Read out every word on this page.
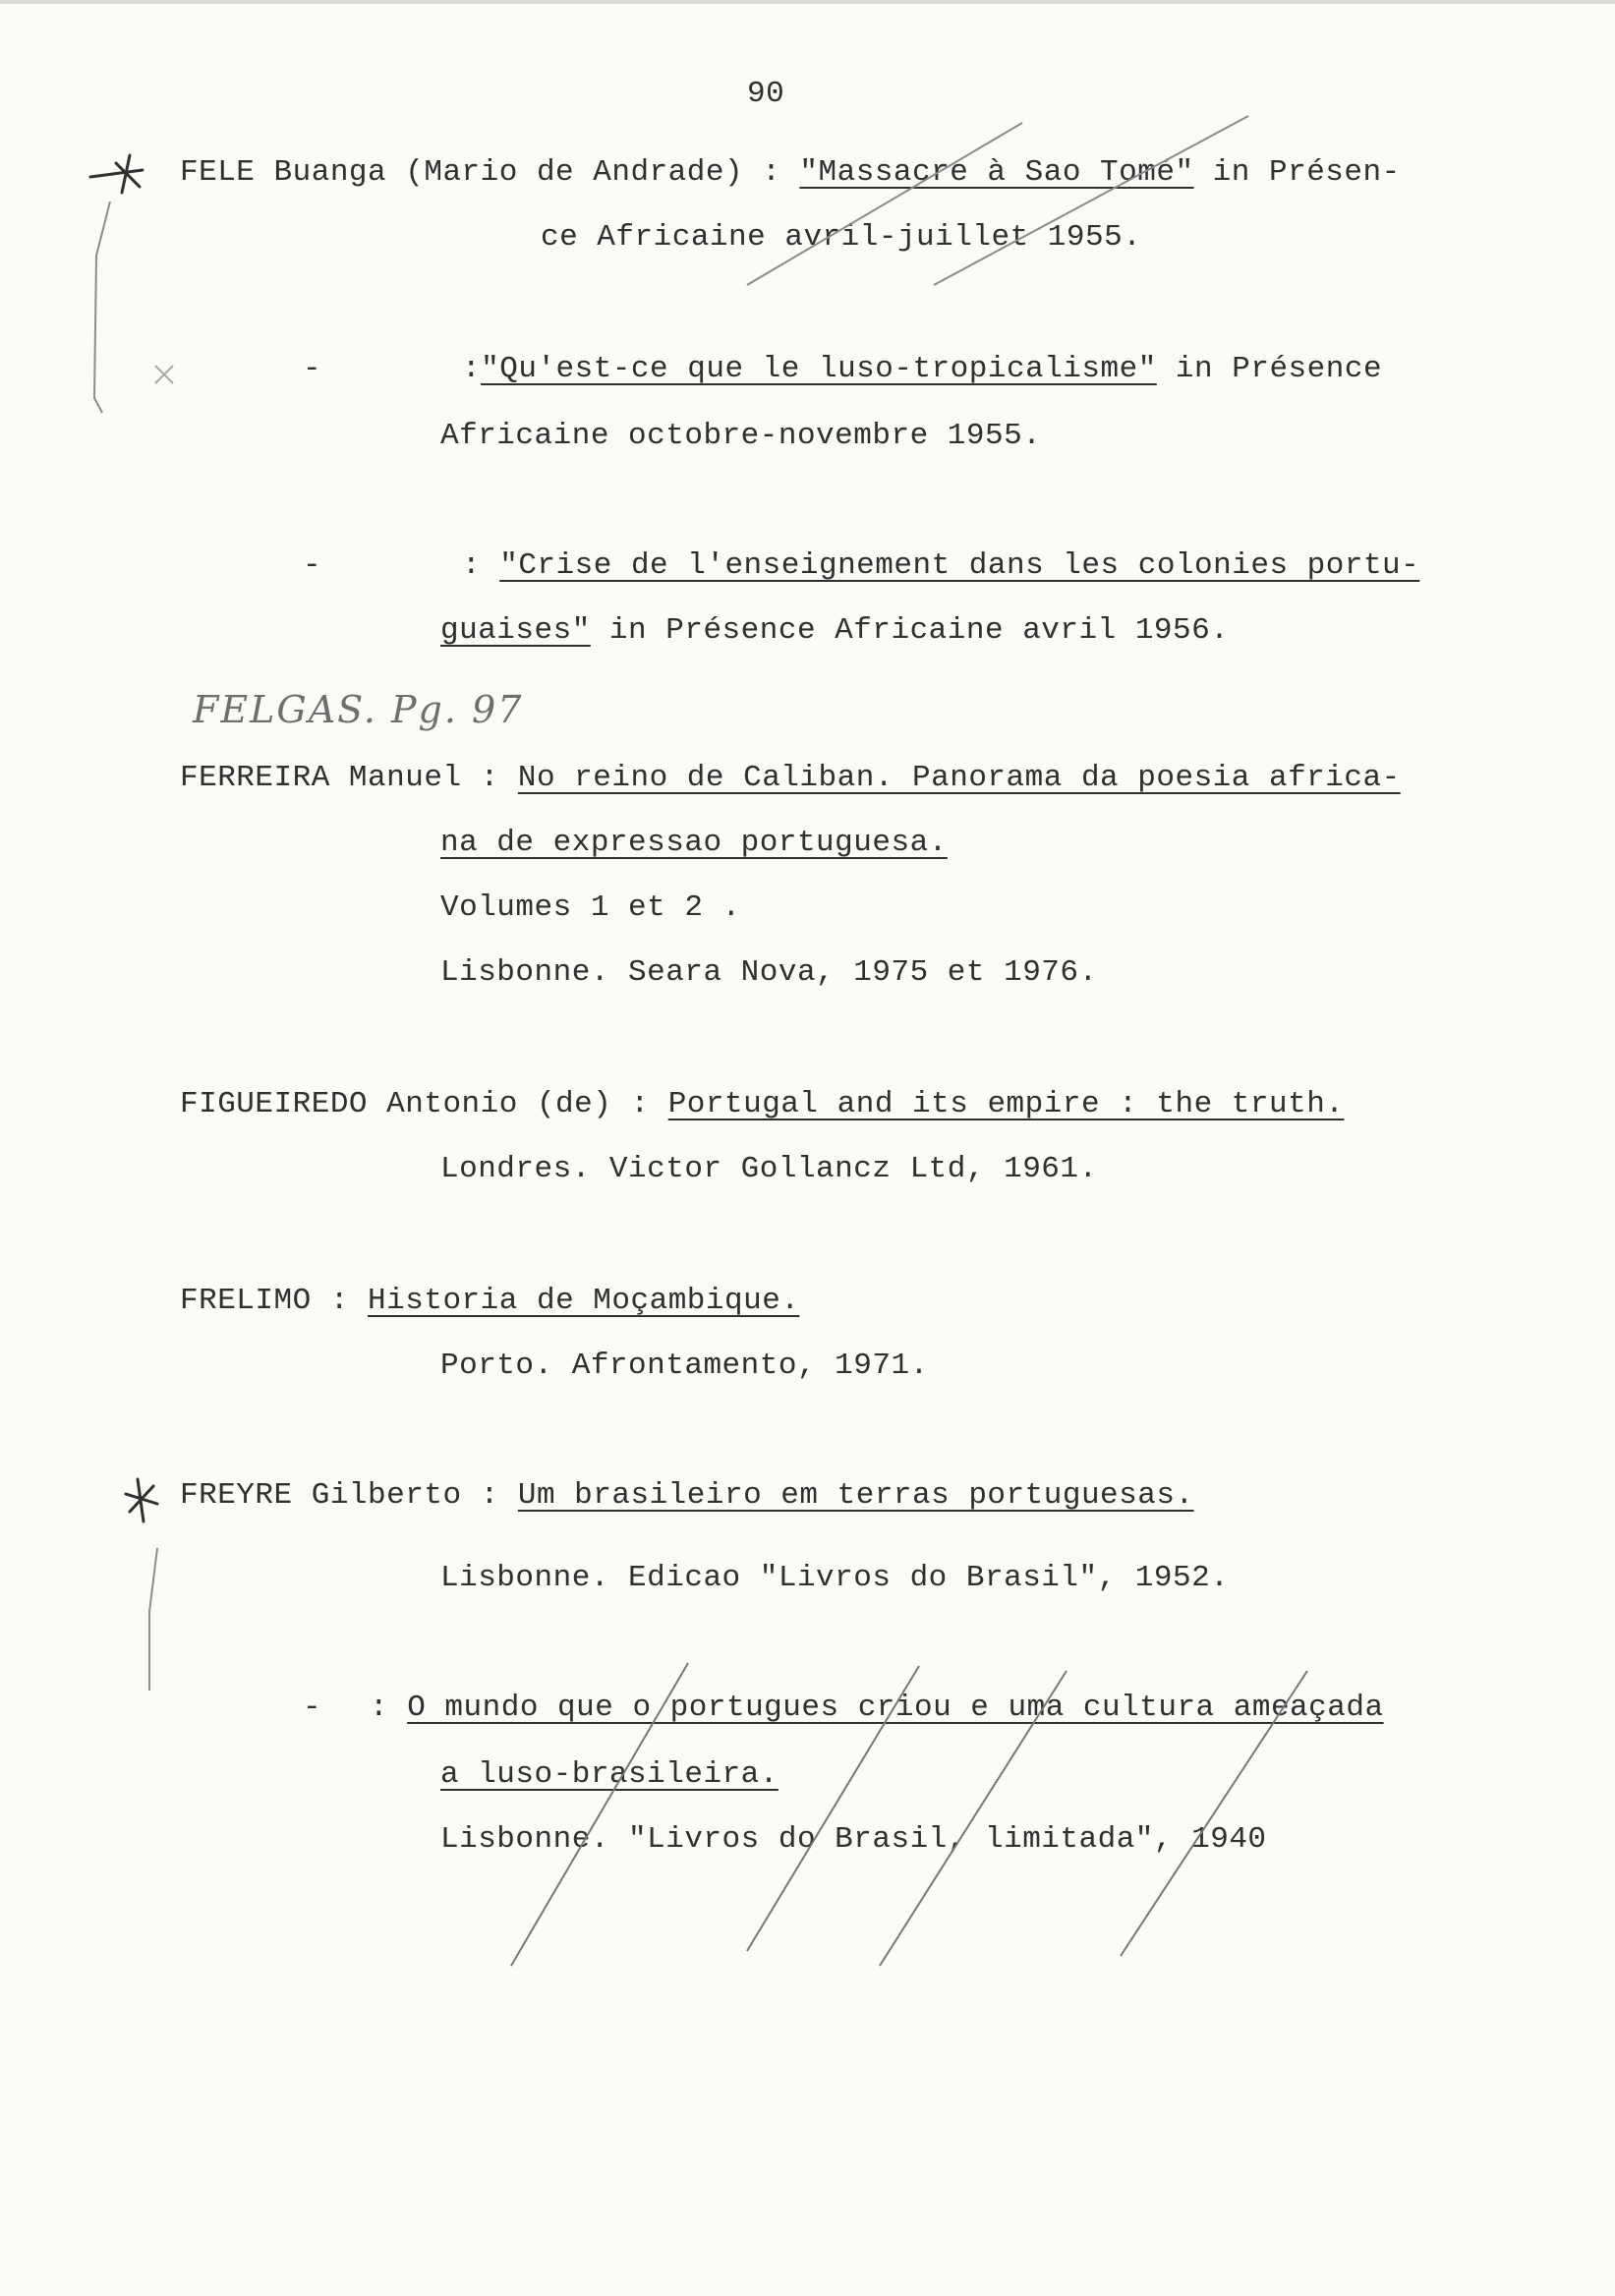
90
FELE Buanga (Mario de Andrade) : "Massacre à Sao Tomé" in Présen-
ce Africaine avril-juillet 1955.
-	:"Qu'est-ce que le luso-tropicalisme" in Présence
Africaine octobre-novembre 1955.
-	: "Crise de l'enseignement dans les colonies portu-
guaises" in Présence Africaine avril 1956.
FELGAS. Pg. 97
FERREIRA Manuel : No reino de Caliban. Panorama da poesia africa-
na de expressao portuguesa.
Volumes 1 et 2 .
Lisbonne. Seara Nova, 1975 et 1976.
FIGUEIREDO Antonio (de) : Portugal and its empire : the truth.
Londres. Victor Gollancz Ltd, 1961.
FRELIMO : Historia de Moçambique.
Porto. Afrontamento, 1971.
FREYRE Gilberto : Um brasileiro em terras portuguesas.
Lisbonne. Edicao "Livros do Brasil", 1952.
- : O mundo que o portugues criou e uma cultura ameaçada
a luso-brasileira.
Lisbonne. "Livros do Brasil, limitada", 1940
